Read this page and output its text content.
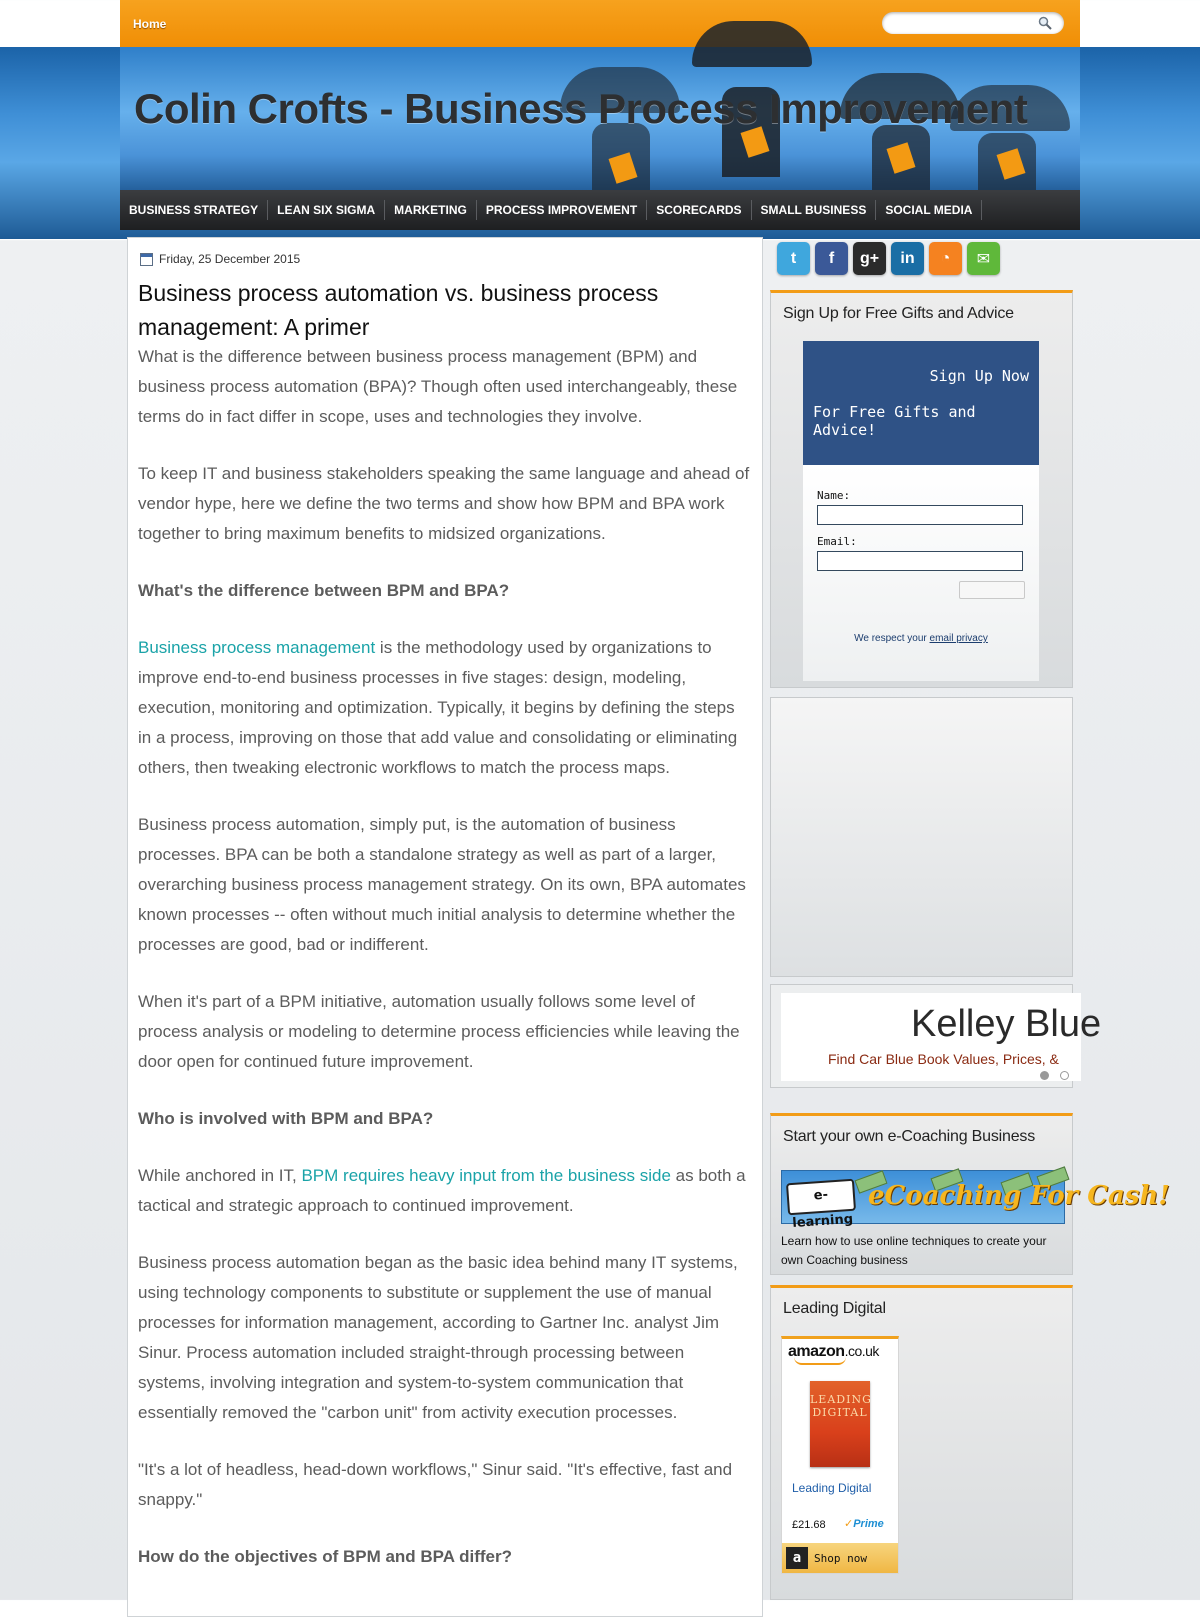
Home
Colin Crofts - Business Process Improvement
BUSINESS STRATEGY	LEAN SIX SIGMA	MARKETING	PROCESS IMPROVEMENT	SCORECARDS	SMALL BUSINESS	SOCIAL MEDIA
Friday, 25 December 2015
Business process automation vs. business process management: A primer

What is the difference between business process management (BPM) and business process automation (BPA)? Though often used interchangeably, these terms do in fact differ in scope, uses and technologies they involve.

To keep IT and business stakeholders speaking the same language and ahead of vendor hype, here we define the two terms and show how BPM and BPA work together to bring maximum benefits to midsized organizations.

What's the difference between BPM and BPA?

Business process management is the methodology used by organizations to improve end-to-end business processes in five stages: design, modeling, execution, monitoring and optimization. Typically, it begins by defining the steps in a process, improving on those that add value and consolidating or eliminating others, then tweaking electronic workflows to match the process maps.

Business process automation, simply put, is the automation of business processes. BPA can be both a standalone strategy as well as part of a larger, overarching business process management strategy. On its own, BPA automates known processes -- often without much initial analysis to determine whether the processes are good, bad or indifferent.

When it's part of a BPM initiative, automation usually follows some level of process analysis or modeling to determine process efficiencies while leaving the door open for continued future improvement.

Who is involved with BPM and BPA?

While anchored in IT, BPM requires heavy input from the business side as both a tactical and strategic approach to continued improvement.

Business process automation began as the basic idea behind many IT systems, using technology components to substitute or supplement the use of manual processes for information management, according to Gartner Inc. analyst Jim Sinur. Process automation included straight-through processing between systems, involving integration and system-to-system communication that essentially removed the "carbon unit" from activity execution processes.

"It's a lot of headless, head-down workflows," Sinur said. "It's effective, fast and snappy."

How do the objectives of BPM and BPA differ?
t	f	g+	in	◔	✉
Sign Up for Free Gifts and Advice
Sign Up Now
For Free Gifts and Advice!
Name:
Email:
We respect your email privacy
Kelley Blue
Find Car Blue Book Values, Prices, &
Start your own e-Coaching Business
e-learning
eCoaching For Cash!
Learn how to use online techniques to create your own Coaching business
Leading Digital
amazon.co.uk
LEADING DIGITAL
Leading Digital
£21.68
✓	Prime
a	Shop now
